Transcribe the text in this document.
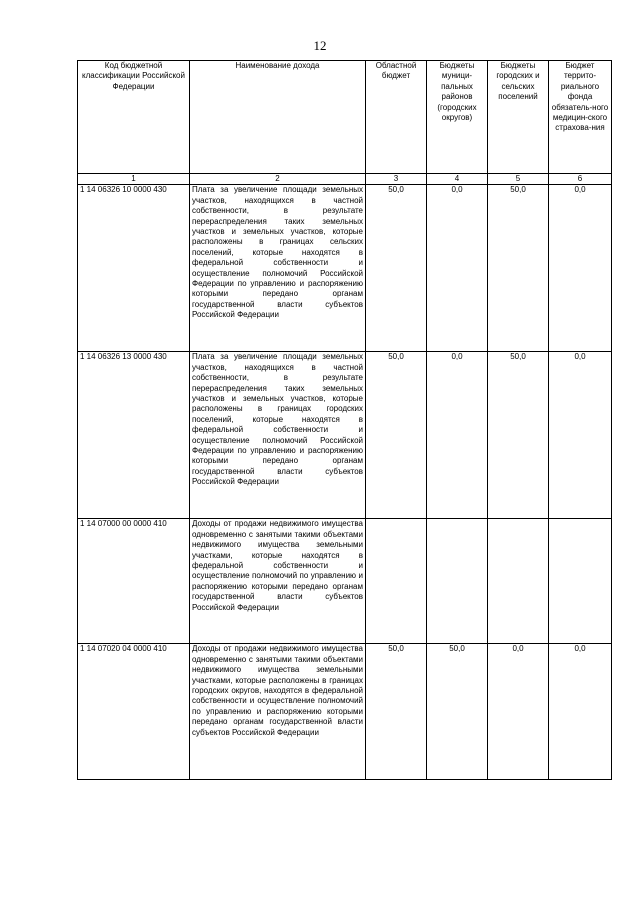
12
Код бюджетной классификации Российской Федерации	Наименование дохода	Областной бюджет	Бюджеты муници-пальных районов (городских округов)	Бюджеты городских и сельских поселений	Бюджет террито-риального фонда обязатель-ного медицин-ского страхова-ния
1	2	3	4	5	6
1 14 06326 10 0000 430	Плата за увеличение площади земельных участков, находящихся в частной собственности, в результате перераспределения таких земельных участков и земельных участков, которые расположены в границах сельских поселений, которые находятся в федеральной собственности и осуществление полномочий Российской Федерации по управлению и распоряжению которыми передано органам государственной власти субъектов Российской Федерации	50,0	0,0	50,0	0,0
1 14 06326 13 0000 430	Плата за увеличение площади земельных участков, находящихся в частной собственности, в результате перераспределения таких земельных участков и земельных участков, которые расположены в границах городских поселений, которые находятся в федеральной собственности и осуществление полномочий Российской Федерации по управлению и распоряжению которыми передано органам государственной власти субъектов Российской Федерации	50,0	0,0	50,0	0,0
1 14 07000 00 0000 410	Доходы от продажи недвижимого имущества одновременно с занятыми такими объектами недвижимого имущества земельными участками, которые находятся в федеральной собственности и осуществление полномочий по управлению и распоряжению которыми передано органам государственной власти субъектов Российской Федерации				
1 14 07020 04 0000 410	Доходы от продажи недвижимого имущества одновременно с занятыми такими объектами недвижимого имущества земельными участками, которые расположены в границах городских округов, находятся в федеральной собственности и осуществление полномочий по управлению и распоряжению которыми передано органам государственной власти субъектов Российской Федерации	50,0	50,0	0,0	0,0
